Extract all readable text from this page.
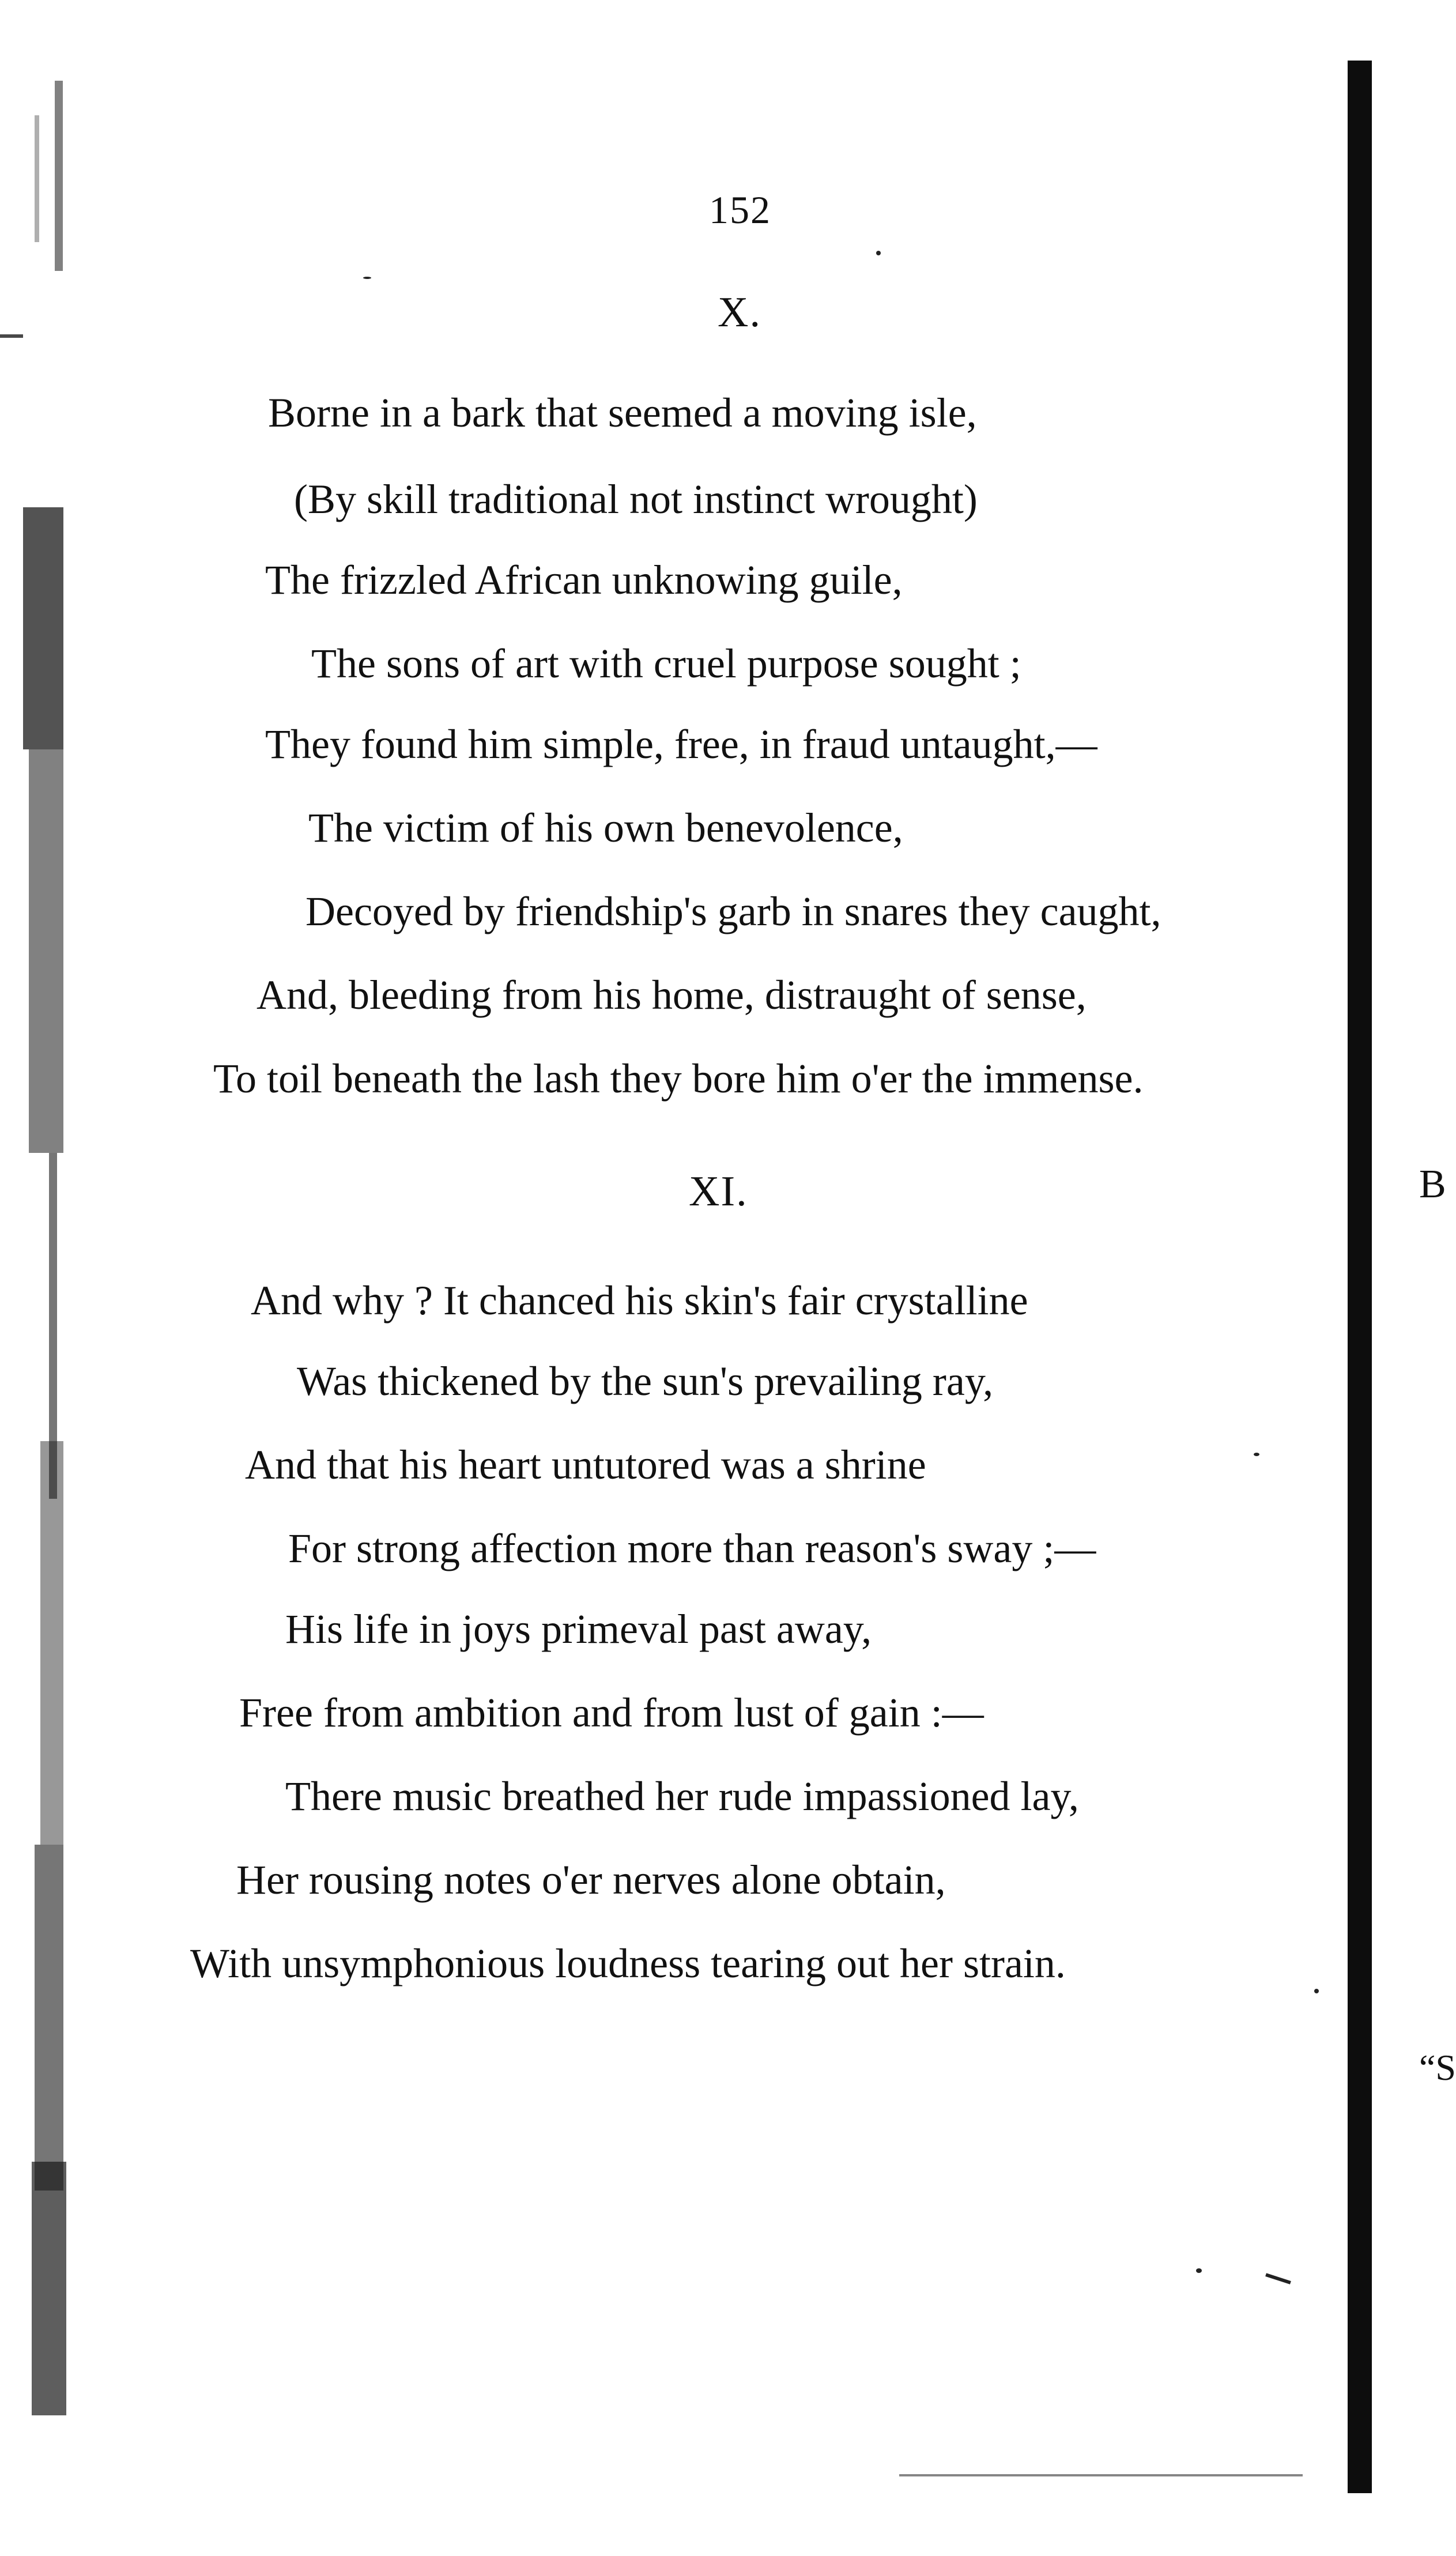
B
“S
152
X.
Borne in a bark that seemed a moving isle,
(By skill traditional not instinct wrought)
The frizzled African unknowing guile,
The sons of art with cruel purpose sought ;
They found him simple, free, in fraud untaught,—
The victim of his own benevolence,
Decoyed by friendship's garb in snares they caught,
And, bleeding from his home, distraught of sense,
To toil beneath the lash they bore him o'er the immense.
XI.
And why ? It chanced his skin's fair crystalline
Was thickened by the sun's prevailing ray,
And that his heart untutored was a shrine
For strong affection more than reason's sway ;—
His life in joys primeval past away,
Free from ambition and from lust of gain :—
There music breathed her rude impassioned lay,
Her rousing notes o'er nerves alone obtain,
With unsymphonious loudness tearing out her strain.
